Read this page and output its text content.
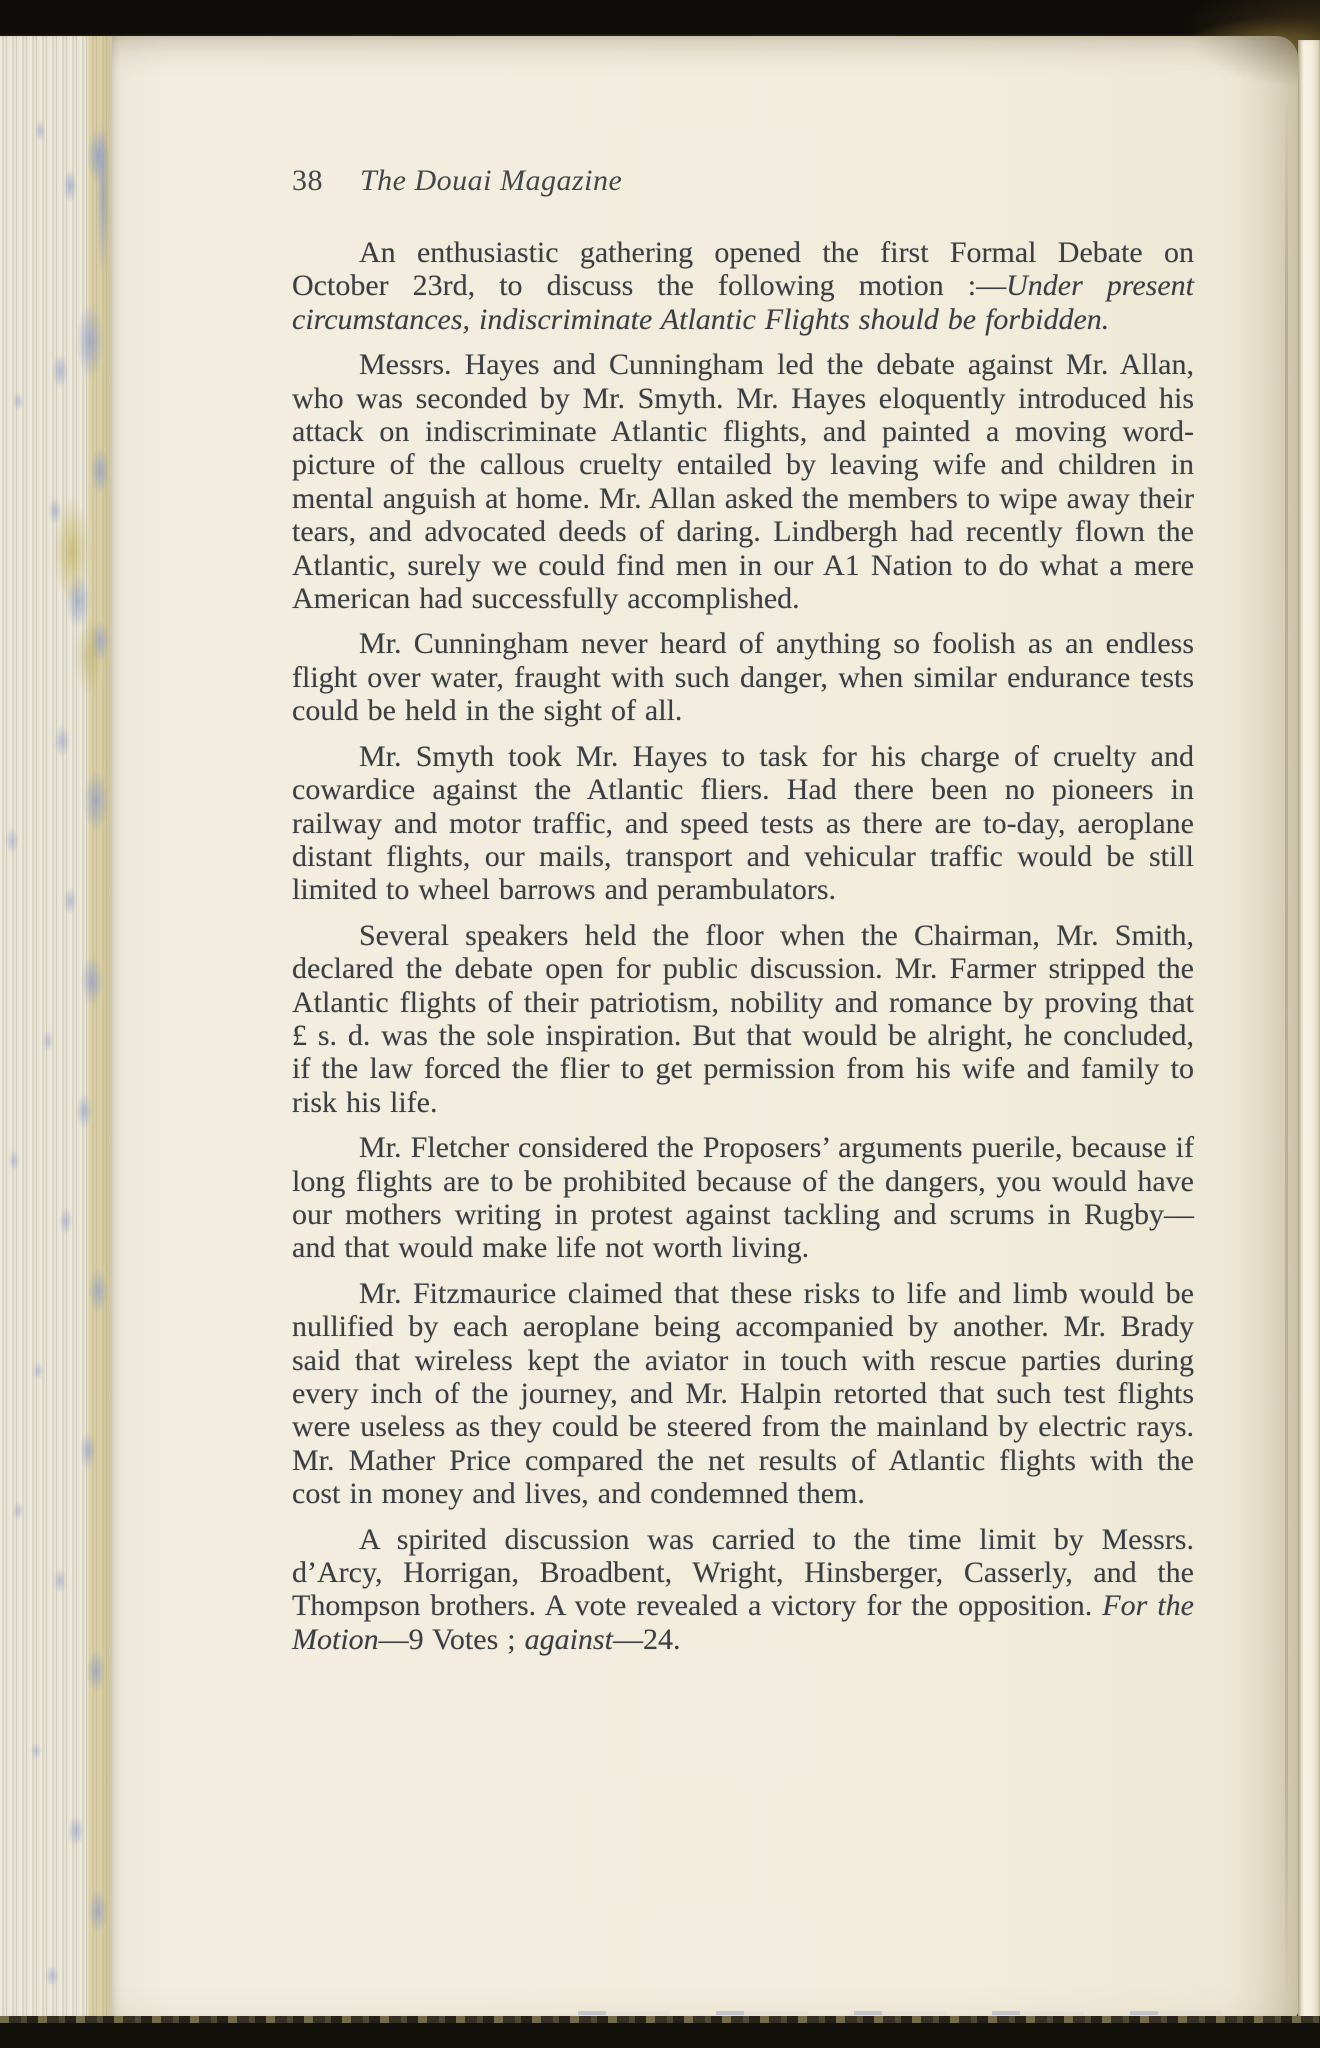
38 The Douai Magazine

An enthusiastic gathering opened the first Formal Debate on October 23rd, to discuss the following motion :—Under present circumstances, indiscriminate Atlantic Flights should be forbidden.

Messrs. Hayes and Cunningham led the debate against Mr. Allan, who was seconded by Mr. Smyth. Mr. Hayes eloquently introduced his attack on indiscriminate Atlantic flights, and painted a moving word-picture of the callous cruelty entailed by leaving wife and children in mental anguish at home. Mr. Allan asked the members to wipe away their tears, and advocated deeds of daring. Lindbergh had recently flown the Atlantic, surely we could find men in our A1 Nation to do what a mere American had successfully accomplished.

Mr. Cunningham never heard of anything so foolish as an endless flight over water, fraught with such danger, when similar endurance tests could be held in the sight of all.

Mr. Smyth took Mr. Hayes to task for his charge of cruelty and cowardice against the Atlantic fliers. Had there been no pioneers in railway and motor traffic, and speed tests as there are to-day, aeroplane distant flights, our mails, transport and vehicular traffic would be still limited to wheel barrows and perambulators.

Several speakers held the floor when the Chairman, Mr. Smith, declared the debate open for public discussion. Mr. Farmer stripped the Atlantic flights of their patriotism, nobility and romance by proving that £ s. d. was the sole inspiration. But that would be alright, he concluded, if the law forced the flier to get permission from his wife and family to risk his life.

Mr. Fletcher considered the Proposers’ arguments puerile, because if long flights are to be prohibited because of the dangers, you would have our mothers writing in protest against tackling and scrums in Rugby—and that would make life not worth living.

Mr. Fitzmaurice claimed that these risks to life and limb would be nullified by each aeroplane being accompanied by another. Mr. Brady said that wireless kept the aviator in touch with rescue parties during every inch of the journey, and Mr. Halpin retorted that such test flights were useless as they could be steered from the mainland by electric rays. Mr. Mather Price compared the net results of Atlantic flights with the cost in money and lives, and condemned them.

A spirited discussion was carried to the time limit by Messrs. d’Arcy, Horrigan, Broadbent, Wright, Hinsberger, Casserly, and the Thompson brothers. A vote revealed a victory for the opposition. For the Motion—9 Votes ; against—24.
